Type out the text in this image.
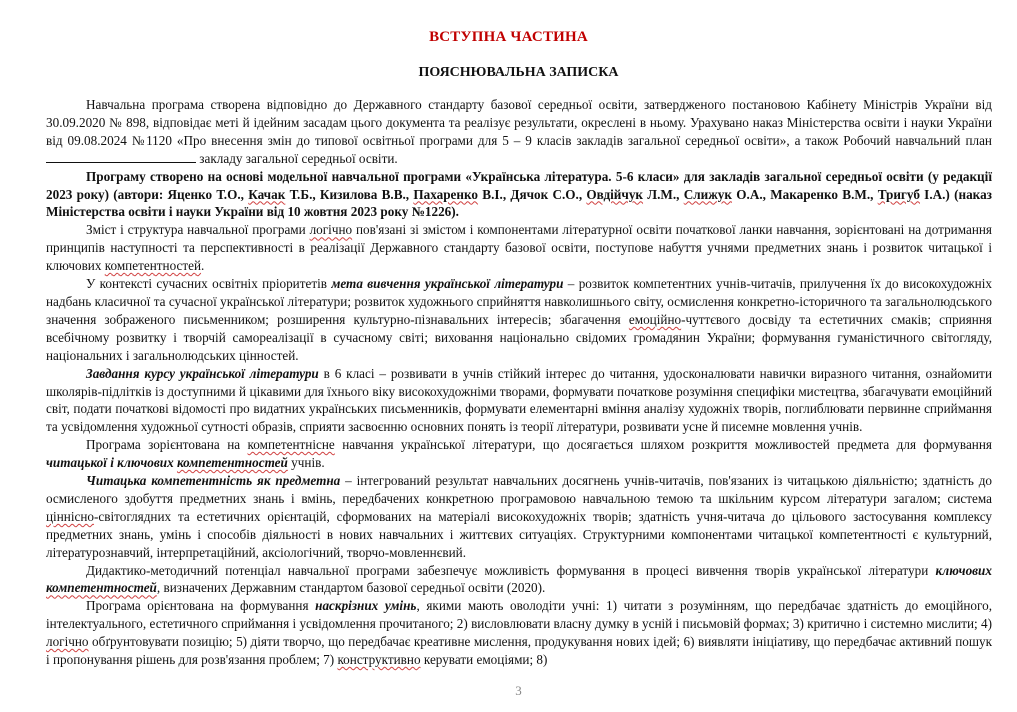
ВСТУПНА ЧАСТИНА
ПОЯСНЮВАЛЬНА ЗАПИСКА

Навчальна програма створена відповідно до Державного стандарту базової середньої освіти, затвердженого постановою Кабінету Міністрів України від 30.09.2020 № 898, відповідає меті й ідейним засадам цього документа та реалізує результати, окреслені в ньому. Урахувано наказ Міністерства освіти і науки України від 09.08.2024 №1120 «Про внесення змін до типової освітньої програми для 5 – 9 класів закладів загальної середньої освіти», а також Робочий навчальний план  закладу загальної середньої освіти.

Програму створено на основі модельної навчальної програми «Українська література. 5-6 класи» для закладів загальної середньої освіти (у редакції 2023 року) (автори: Яценко Т.О., Качак Т.Б., Кизилова В.В., Пахаренко В.І., Дячок С.О., Овдійчук Л.М., Слижук О.А., Макаренко В.М., Тригуб І.А.) (наказ Міністерства освіти і науки України від 10 жовтня 2023 року №1226).

Зміст і структура навчальної програми логічно пов'язані зі змістом і компонентами літературної освіти початкової ланки навчання, зорієнтовані на дотримання принципів наступності та перспективності в реалізації Державного стандарту базової освіти, поступове набуття учнями предметних знань і розвиток читацької і ключових компетентностей.

У контексті сучасних освітніх пріоритетів мета вивчення української літератури – розвиток компетентних учнів-читачів, прилучення їх до високохудожніх надбань класичної та сучасної української літератури; розвиток художнього сприйняття навколишнього світу, осмислення конкретно-історичного та загальнолюдського значення зображеного письменником; розширення культурно-пізнавальних інтересів; збагачення емоційно-чуттєвого досвіду та естетичних смаків; сприяння всебічному розвитку і творчій самореалізації в сучасному світі; виховання національно свідомих громадянин України; формування гуманістичного світогляду, національних і загальнолюдських цінностей.

Завдання курсу української літератури в 6 класі – розвивати в учнів стійкий інтерес до читання, удосконалювати навички виразного читання, ознайомити школярів-підлітків із доступними й цікавими для їхнього віку високохудожніми творами, формувати початкове розуміння специфіки мистецтва, збагачувати емоційний світ, подати початкові відомості про видатних українських письменників, формувати елементарні вміння аналізу художніх творів, поглиблювати первинне сприймання та усвідомлення художньої сутності образів, сприяти засвоєнню основних понять із теорії літератури, розвивати усне й писемне мовлення учнів.

Програма зорієнтована на компетентнісне навчання української літератури, що досягається шляхом розкриття можливостей предмета для формування читацької і ключових компетентностей учнів.

Читацька компетентність як предметна – інтегрований результат навчальних досягнень учнів-читачів, пов'язаних із читацькою діяльністю; здатність до осмисленого здобуття предметних знань і вмінь, передбачених конкретною програмовою навчальною темою та шкільним курсом літератури загалом; система ціннісно-світоглядних та естетичних орієнтацій, сформованих на матеріалі високохудожніх творів; здатність учня-читача до цільового застосування комплексу предметних знань, умінь і способів діяльності в нових навчальних і життєвих ситуаціях. Структурними компонентами читацької компетентності є культурний, літературознавчий, інтерпретаційний, аксіологічний, творчо-мовленнєвий.

Дидактико-методичний потенціал навчальної програми забезпечує можливість формування в процесі вивчення творів української літератури ключових компетентностей, визначених Державним стандартом базової середньої освіти (2020).

Програма орієнтована на формування наскрізних умінь, якими мають оволодіти учні: 1) читати з розумінням, що передбачає здатність до емоційного, інтелектуального, естетичного сприймання і усвідомлення прочитаного; 2) висловлювати власну думку в усній і письмовій формах; 3) критично і системно мислити; 4) логічно обґрунтовувати позицію; 5) діяти творчо, що передбачає креативне мислення, продукування нових ідей; 6) виявляти ініціативу, що передбачає активний пошук і пропонування рішень для розв'язання проблем; 7) конструктивно керувати емоціями; 8)

3
